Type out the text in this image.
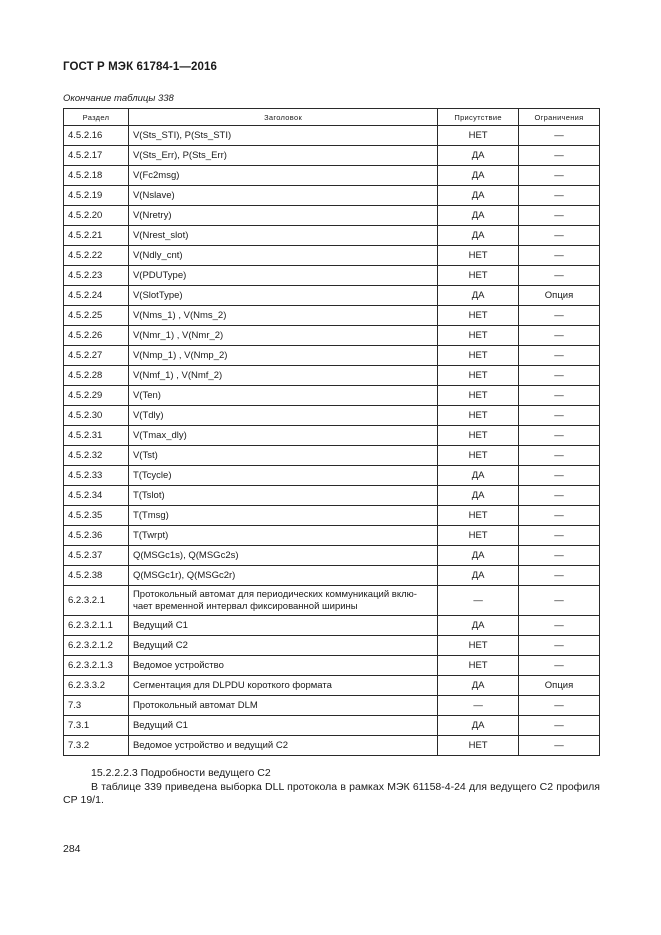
ГОСТ Р МЭК 61784-1—2016
Окончание таблицы 338
Раздел	Заголовок	Присутствие	Ограничения
4.5.2.16	V(Sts_STI), P(Sts_STI)	НЕТ	—
4.5.2.17	V(Sts_Err), P(Sts_Err)	ДА	—
4.5.2.18	V(Fc2msg)	ДА	—
4.5.2.19	V(Nslave)	ДА	—
4.5.2.20	V(Nretry)	ДА	—
4.5.2.21	V(Nrest_slot)	ДА	—
4.5.2.22	V(Ndly_cnt)	НЕТ	—
4.5.2.23	V(PDUType)	НЕТ	—
4.5.2.24	V(SlotType)	ДА	Опция
4.5.2.25	V(Nms_1) , V(Nms_2)	НЕТ	—
4.5.2.26	V(Nmr_1) , V(Nmr_2)	НЕТ	—
4.5.2.27	V(Nmp_1) , V(Nmp_2)	НЕТ	—
4.5.2.28	V(Nmf_1) , V(Nmf_2)	НЕТ	—
4.5.2.29	V(Ten)	НЕТ	—
4.5.2.30	V(Tdly)	НЕТ	—
4.5.2.31	V(Tmax_dly)	НЕТ	—
4.5.2.32	V(Tst)	НЕТ	—
4.5.2.33	T(Tcycle)	ДА	—
4.5.2.34	T(Tslot)	ДА	—
4.5.2.35	T(Tmsg)	НЕТ	—
4.5.2.36	T(Twrpt)	НЕТ	—
4.5.2.37	Q(MSGc1s), Q(MSGc2s)	ДА	—
4.5.2.38	Q(MSGc1r), Q(MSGc2r)	ДА	—
6.2.3.2.1	Протокольный автомат для периодических коммуникаций вклю-
чает временной интервал фиксированной ширины	—	—
6.2.3.2.1.1	Ведущий С1	ДА	—
6.2.3.2.1.2	Ведущий С2	НЕТ	—
6.2.3.2.1.3	Ведомое устройство	НЕТ	—
6.2.3.3.2	Сегментация для DLPDU короткого формата	ДА	Опция
7.3	Протокольный автомат DLM	—	—
7.3.1	Ведущий С1	ДА	—
7.3.2	Ведомое устройство и ведущий С2	НЕТ	—
15.2.2.2.3 Подробности ведущего С2
В таблице 339 приведена выборка DLL протокола в рамках МЭК 61158-4-24 для ведущего С2 профиля СР 19/1.
284
